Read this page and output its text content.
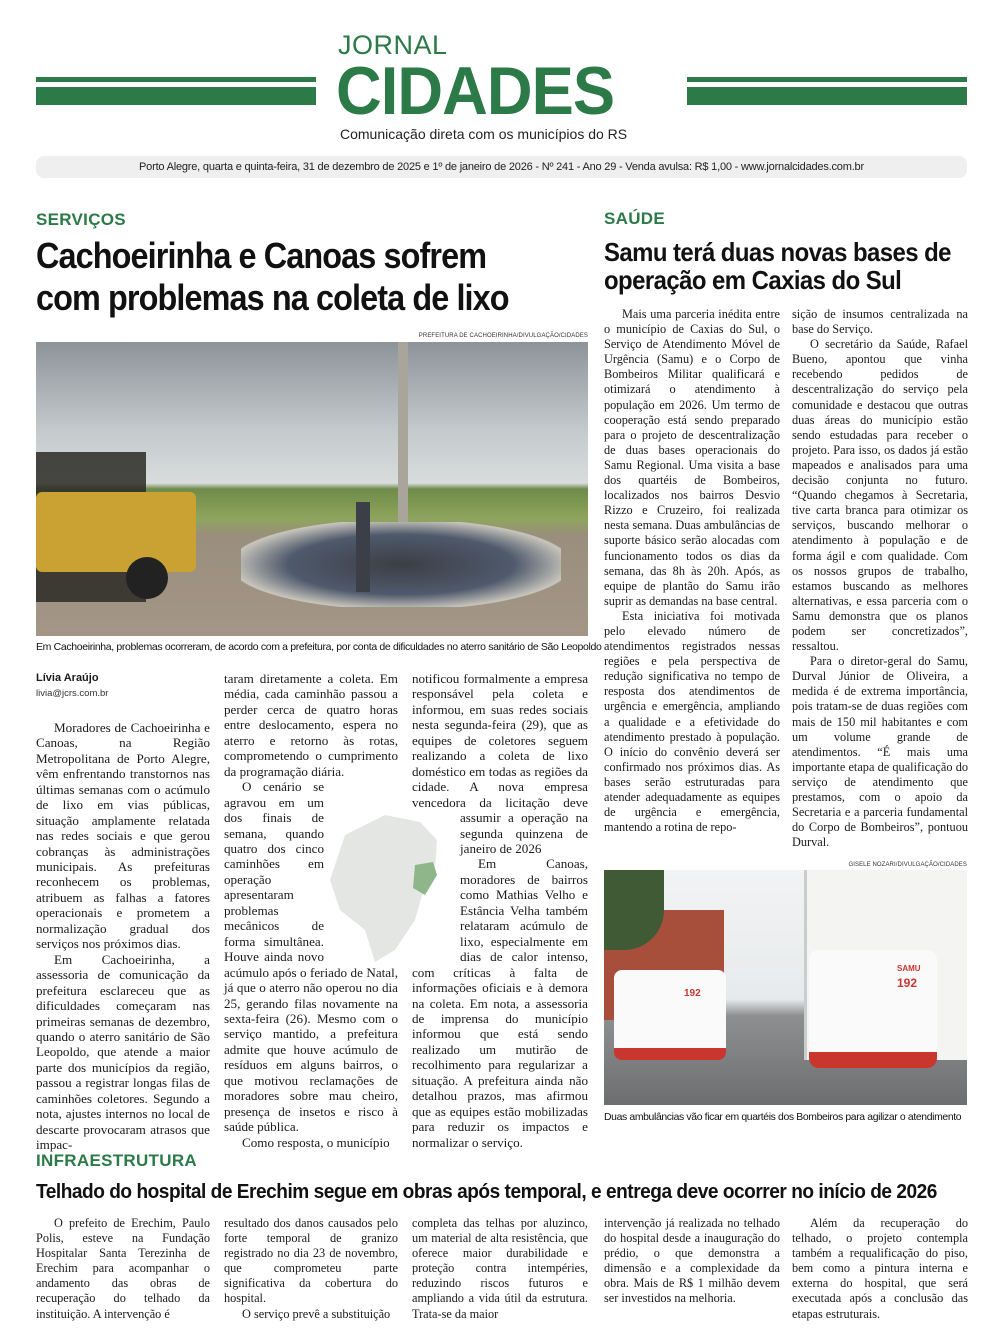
JORNAL
CIDADES
Comunicação direta com os municípios do RS
Porto Alegre, quarta e quinta-feira, 31 de dezembro de 2025 e 1º de janeiro de 2026 - Nº 241 - Ano 29 - Venda avulsa: R$ 1,00 - www.jornalcidades.com.br
SERVIÇOS
Cachoeirinha e Canoas sofrem
com problemas na coleta de lixo
PREFEITURA DE CACHOEIRINHA/DIVULGAÇÃO/CIDADES
Em Cachoeirinha, problemas ocorreram, de acordo com a prefeitura, por conta de dificuldades no aterro sanitário de São Leopoldo
Lívia Araújo
livia@jcrs.com.br

Moradores de Cachoeirinha e Canoas, na Região Metropolitana de Porto Alegre, vêm enfrentando transtornos nas últimas semanas com o acúmulo de lixo em vias públicas, situação amplamente relatada nas redes sociais e que gerou cobranças às administrações municipais. As prefeituras reconhecem os problemas, atribuem as falhas a fatores operacionais e prometem a normalização gradual dos serviços nos próximos dias.

Em Cachoeirinha, a assessoria de comunicação da prefeitura esclareceu que as dificuldades começaram nas primeiras semanas de dezembro, quando o aterro sanitário de São Leopoldo, que atende a maior parte dos municípios da região, passou a registrar longas filas de caminhões coletores. Segundo a nota, ajustes internos no local de descarte provocaram atrasos que impac-

taram diretamente a coleta. Em média, cada caminhão passou a perder cerca de quatro horas entre deslocamento, espera no aterro e retorno às rotas, comprometendo o cumprimento da programação diária.

O cenário se agravou em um dos finais de semana, quando quatro dos cinco caminhões em operação apresentaram problemas mecânicos de forma simultânea. Houve ainda novo acúmulo após o feriado de Natal, já que o aterro não operou no dia 25, gerando filas novamente na sexta-feira (26). Mesmo com o serviço mantido, a prefeitura admite que houve acúmulo de resíduos em alguns bairros, o que motivou reclamações de moradores sobre mau cheiro, presença de insetos e risco à saúde pública.

Como resposta, o município

notificou formalmente a empresa responsável pela coleta e informou, em suas redes sociais nesta segunda-feira (29), que as equipes de coletores seguem realizando a coleta de lixo doméstico em todas as regiões da cidade. A nova empresa vencedora da licitação deve assumir a operação na segunda quinzena de janeiro de 2026

Em Canoas, moradores de bairros como Mathias Velho e Estância Velha também relataram acúmulo de lixo, especialmente em dias de calor intenso, com críticas à falta de informações oficiais e à demora na coleta. Em nota, a assessoria de imprensa do município informou que está sendo realizado um mutirão de recolhimento para regularizar a situação. A prefeitura ainda não detalhou prazos, mas afirmou que as equipes estão mobilizadas para reduzir os impactos e normalizar o serviço.

SAÚDE
Samu terá duas novas bases de
operação em Caxias do Sul

Mais uma parceria inédita entre o município de Caxias do Sul, o Serviço de Atendimento Móvel de Urgência (Samu) e o Corpo de Bombeiros Militar qualificará e otimizará o atendimento à população em 2026. Um termo de cooperação está sendo preparado para o projeto de descentralização de duas bases operacionais do Samu Regional. Uma visita a base dos quartéis de Bombeiros, localizados nos bairros Desvio Rizzo e Cruzeiro, foi realizada nesta semana. Duas ambulâncias de suporte básico serão alocadas com funcionamento todos os dias da semana, das 8h às 20h. Após, as equipe de plantão do Samu irão suprir as demandas na base central.

Esta iniciativa foi motivada pelo elevado número de atendimentos registrados nessas regiões e pela perspectiva de redução significativa no tempo de resposta dos atendimentos de urgência e emergência, ampliando a qualidade e a efetividade do atendimento prestado à população. O início do convênio deverá ser confirmado nos próximos dias. As bases serão estruturadas para atender adequadamente as equipes de urgência e emergência, mantendo a rotina de repo-

sição de insumos centralizada na base do Serviço.

O secretário da Saúde, Rafael Bueno, apontou que vinha recebendo pedidos de descentralização do serviço pela comunidade e destacou que outras duas áreas do município estão sendo estudadas para receber o projeto. Para isso, os dados já estão mapeados e analisados para uma decisão conjunta no futuro. “Quando chegamos à Secretaria, tive carta branca para otimizar os serviços, buscando melhorar o atendimento à população e de forma ágil e com qualidade. Com os nossos grupos de trabalho, estamos buscando as melhores alternativas, e essa parceria com o Samu demonstra que os planos podem ser concretizados”, ressaltou.

Para o diretor-geral do Samu, Durval Júnior de Oliveira, a medida é de extrema importância, pois tratam-se de duas regiões com mais de 150 mil habitantes e com um volume grande de atendimentos. “É mais uma importante etapa de qualificação do serviço de atendimento que prestamos, com o apoio da Secretaria e a parceria fundamental do Corpo de Bombeiros”, pontuou Durval.

GISELE NOZARI/DIVULGAÇÃO/CIDADES
192
SAMU
192
Duas ambulâncias vão ficar em quartéis dos Bombeiros para agilizar o atendimento
INFRAESTRUTURA
Telhado do hospital de Erechim segue em obras após temporal, e entrega deve ocorrer no início de 2026

O prefeito de Erechim, Paulo Polis, esteve na Fundação Hospitalar Santa Terezinha de Erechim para acompanhar o andamento das obras de recuperação do telhado da instituição. A intervenção é

resultado dos danos causados pelo forte temporal de granizo registrado no dia 23 de novembro, que comprometeu parte significativa da cobertura do hospital.

O serviço prevê a substituição

completa das telhas por aluzinco, um material de alta resistência, que oferece maior durabilidade e proteção contra intempéries, reduzindo riscos futuros e ampliando a vida útil da estrutura. Trata-se da maior

intervenção já realizada no telhado do hospital desde a inauguração do prédio, o que demonstra a dimensão e a complexidade da obra. Mais de R$ 1 milhão devem ser investidos na melhoria.

Além da recuperação do telhado, o projeto contempla também a requalificação do piso, bem como a pintura interna e externa do hospital, que será executada após a conclusão das etapas estruturais.
